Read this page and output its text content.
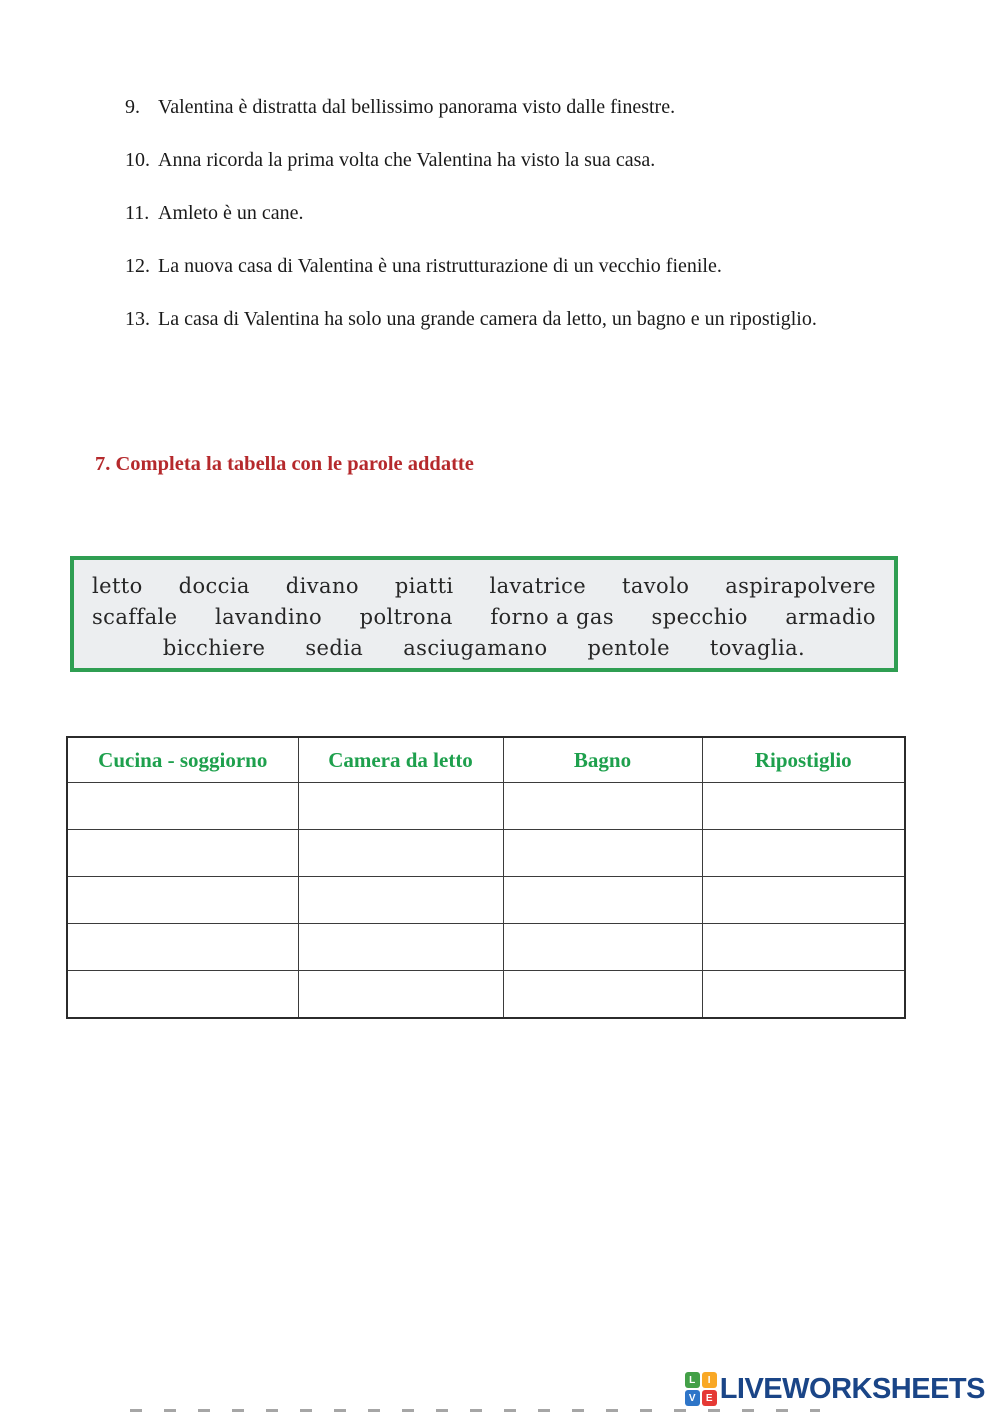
9. Valentina è distratta dal bellissimo panorama visto dalle finestre.
10. Anna ricorda la prima volta che Valentina ha visto la sua casa.
11. Amleto è un cane.
12. La nuova casa di Valentina è una ristrutturazione di un vecchio fienile.
13. La casa di Valentina ha solo una grande camera da letto, un bagno e un ripostiglio.
7. Completa la tabella con le parole addatte
letto doccia divano piatti lavatrice tavolo aspirapolvere
scaffale lavandino poltrona forno a gas specchio armadio
bicchiere sedia asciugamano pentole tovaglia.
Cucina - soggiorno	Camera da letto	Bagno	Ripostiglio

L	I
V	E LIVEWORKSHEETS
